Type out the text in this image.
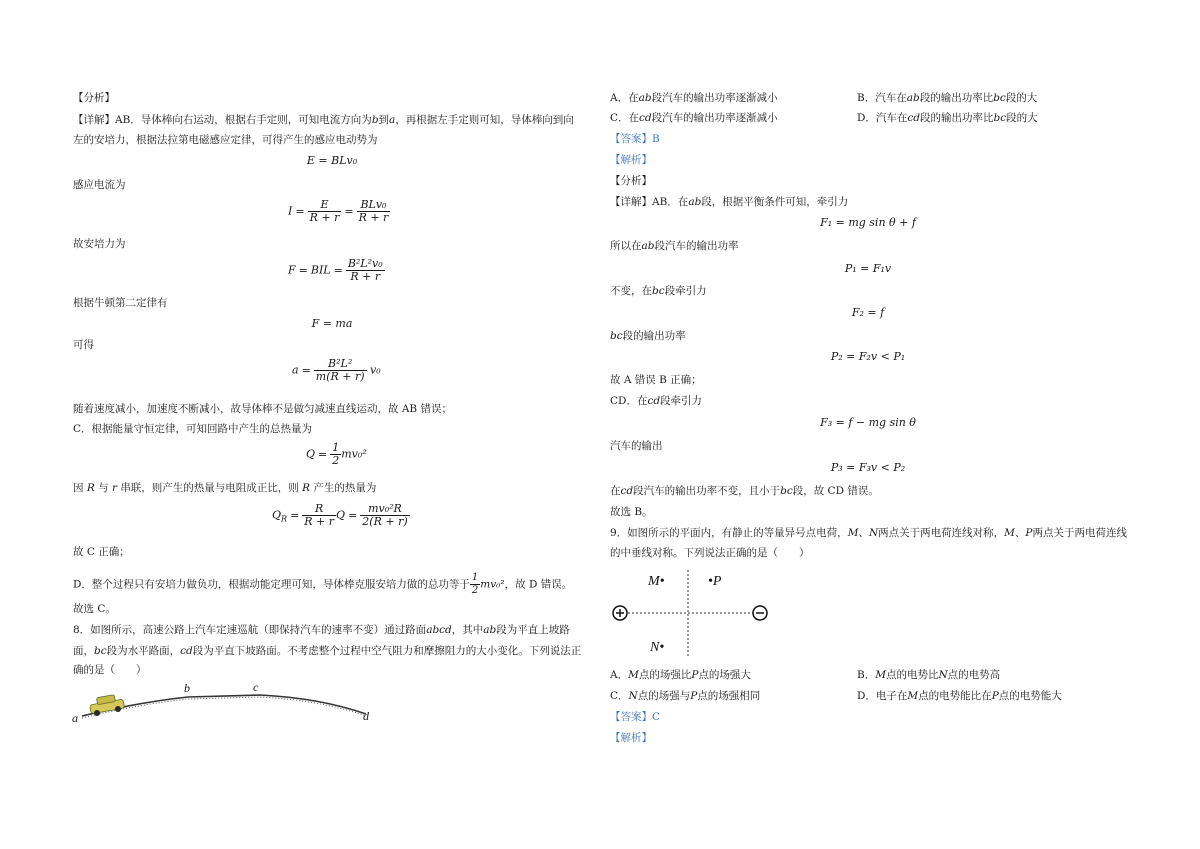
【分析】
【详解】AB．导体棒向右运动，根据右手定则，可知电流方向为b到a，再根据左手定则可知，导体棒向到向
左的安培力，根据法拉第电磁感应定律，可得产生的感应电动势为
E = BLv₀
感应电流为
$I = \frac{E}{R + r} = \frac{\text{BLv₀}}{R + r}$
故安培力为
F = BIL = $\frac{\text{B²L²v₀}}{R + r}$
根据牛顿第二定律有
F = ma
可得
$a = \frac{\text{B²L²}}{m(R + r)} v_0$
随着速度减小，加速度不断减小，故导体棒不是做匀减速直线运动，故 AB 错误；
C．根据能量守恒定律，可知回路中产生的总热量为
$Q = \frac{1}{2} mv_0^2$
因 R 与 r 串联，则产生的热量与电阻成正比，则 R 产生的热量为
$Q_R = \frac{R}{R + r}$ $Q = \frac{\text{mv₀²R}}{2(R + r)}$
故 C 正确；
D．整个过程只有安培力做负功，根据动能定理可知，导体棒克服安培力做的总功等于 $\frac{1}{2} mv_0^2$，故 D 错误。
故选 C。
8．如图所示，高速公路上汽车定速巡航（即保持汽车的速率不变）通过路面abcd，其中ab段为平直上坡路
面，bc段为水平路面，cd段为平直下坡路面。不考虑整个过程中空气阻力和摩擦阻力的大小变化。下列说法正
确的是（　　）
a
b	c
d
A．在ab段汽车的输出功率逐渐减小	B．汽车在ab段的输出功率比bc段的大
C．在cd段汽车的输出功率逐渐减小	D．汽车在cd段的输出功率比bc段的大
【答案】B
【解析】
【分析】
【详解】AB．在ab段，根据平衡条件可知，牵引力
F₁ = mg sin θ + f
所以在ab段汽车的输出功率
P₁ = F₁v
不变，在bc段牵引力
F₂ = f
bc段的输出功率
P₂ = F₂v < P₁
故 A 错误 B 正确；
CD．在cd段牵引力
F₃ = f − mg sin θ
汽车的输出
P₃ = F₃v < P₂
在cd段汽车的输出功率不变，且小于bc段，故 CD 错误。
故选 B。
9．如图所示的平面内，有静止的等量异号点电荷，M、N两点关于两电荷连线对称，M、P两点关于两电荷连线
的中垂线对称。下列说法正确的是（　　）
M•	•P
N•
A．M点的场强比P点的场强大	B．M点的电势比N点的电势高
C．N点的场强与P点的场强相同	D．电子在M点的电势能比在P点的电势能大
【答案】C
【解析】
